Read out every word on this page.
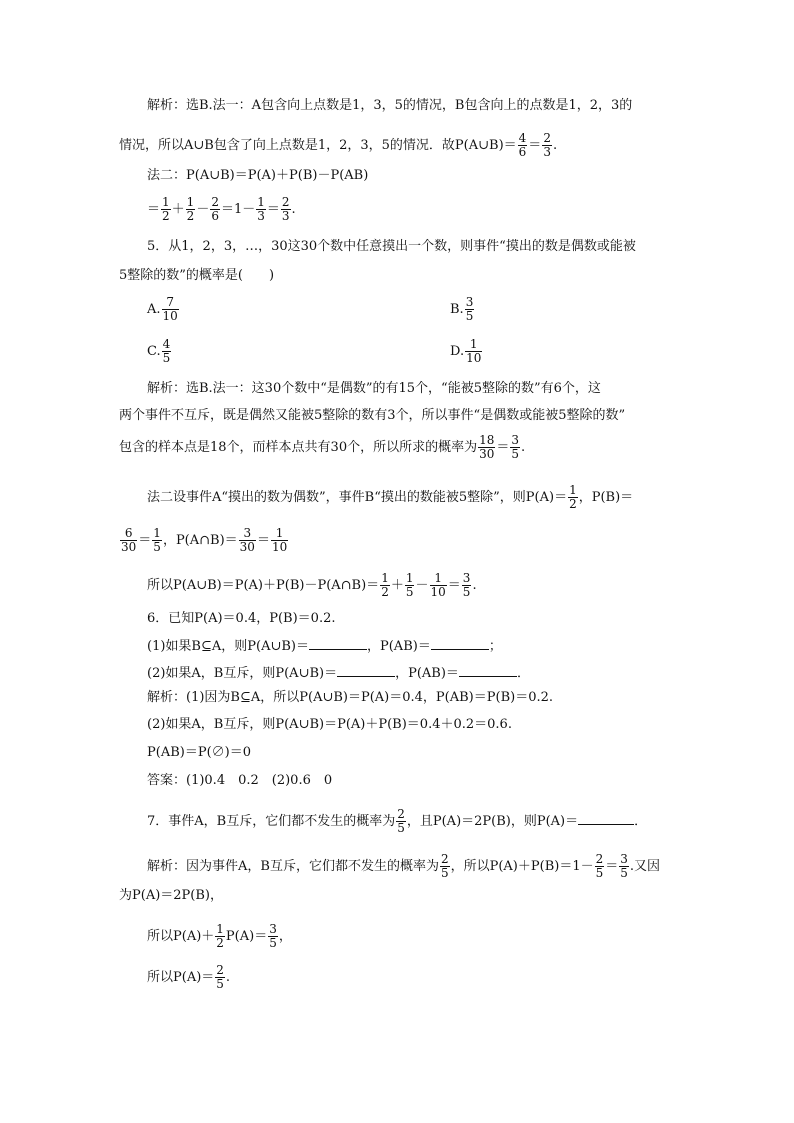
解析：选B.法一：A包含向上点数是1，3，5的情况，B包含向上的点数是1，2，3的
情况，所以A∪B包含了向上点数是1，2，3，5的情况．故P(A∪B)＝ $\frac{4}{6} = \frac{2}{3}$ .
法二：P(A∪B)＝P(A)＋P(B)－P(AB)
＝ $\frac{1}{2} + \frac{1}{2} - \frac{2}{6} =1- \frac{1}{3} = \frac{2}{3}$ .
5．从1，2，3，…，30这30个数中任意摸出一个数，则事件“摸出的数是偶数或能被
5整除的数”的概率是(　　)
A. $\frac{7}{10}$	B. $\frac{3}{5}$
C. $\frac{4}{5}$	D. $\frac{1}{10}$
解析：选B.法一：这30个数中“是偶数”的有15个，“能被5整除的数”有6个，这
两个事件不互斥，既是偶然又能被5整除的数有3个，所以事件“是偶数或能被5整除的数”
包含的样本点是18个，而样本点共有30个，所以所求的概率为 $\frac{18}{30} = \frac{3}{5}$ .
法二设事件A“摸出的数为偶数”，事件B“摸出的数能被5整除”，则$P(A)= \frac{1}{2}$ ，P(B)＝
$\frac{6}{30} = \frac{1}{5}$ ，P(A∩B)＝ $\frac{3}{30} = \frac{1}{10}$
所以P(A∪B)＝P(A)＋P(B)－P(A∩B)＝ $\frac{1}{2} + \frac{1}{5} - \frac{1}{10} = \frac{3}{5}$ .
6．已知P(A)＝0.4，P(B)＝0.2.
(1)如果B⊆A，则P(A∪B)＝	，P(AB)＝	；
(2)如果A，B互斥，则P(A∪B)＝	，P(AB)＝	．
解析：(1)因为B⊆A，所以P(A∪B)＝P(A)＝0.4，P(AB)＝P(B)＝0.2.
(2)如果A，B互斥，则P(A∪B)＝P(A)＋P(B)＝0.4＋0.2＝0.6.
P(AB)＝P(∅)＝0
答案：(1)0.4　0.2　(2)0.6　0
7．事件A，B互斥，它们都不发生的概率为 $\frac{2}{5}$ ，且P(A)＝2P(B)，则P(A)＝	．
解析：因为事件A，B互斥，它们都不发生的概率为 $\frac{2}{5}$ ，所以$P(A)+P(B)=1- \frac{2}{5} = \frac{3}{5}$ .又因
为P(A)＝2P(B)，
所以$P(A)+ \frac{1}{2} P(A)= \frac{3}{5}$ ，
所以$P(A)= \frac{2}{5}$ .
